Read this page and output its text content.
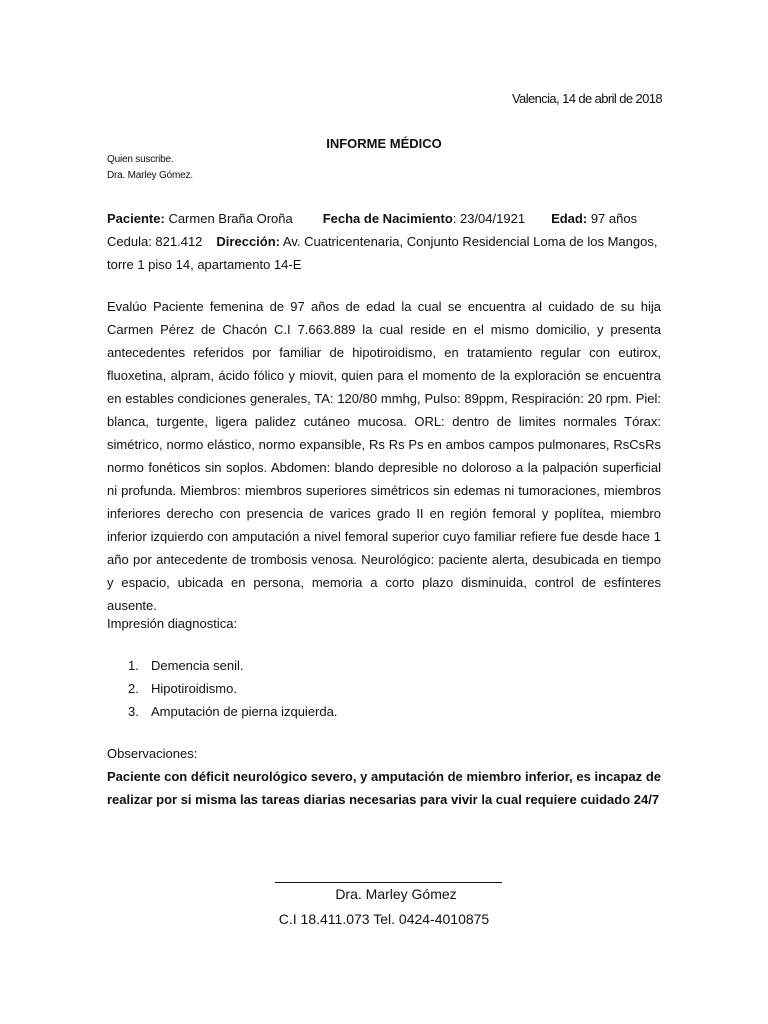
Valencia, 14 de abril de 2018
INFORME MÉDICO
Quien suscribe.
Dra. Marley Gómez.
Paciente: Carmen Braña Oroña Fecha de Nacimiento: 23/04/1921 Edad: 97 años
Cedula: 821.412 Dirección: Av. Cuatricentenaria, Conjunto Residencial Loma de los Mangos, torre 1 piso 14, apartamento 14-E
Evalúo Paciente femenina de 97 años de edad la cual se encuentra al cuidado de su hija Carmen Pérez de Chacón C.I 7.663.889 la cual reside en el mismo domicilio, y presenta antecedentes referidos por familiar de hipotiroidismo, en tratamiento regular con eutirox, fluoxetina, alpram, ácido fólico y miovit, quien para el momento de la exploración se encuentra en estables condiciones generales, TA: 120/80 mmhg, Pulso: 89ppm, Respiración: 20 rpm. Piel: blanca, turgente, ligera palidez cutáneo mucosa. ORL: dentro de limites normales Tórax: simétrico, normo elástico, normo expansible, Rs Rs Ps en ambos campos pulmonares, RsCsRs normo fonéticos sin soplos. Abdomen: blando depresible no doloroso a la palpación superficial ni profunda. Miembros: miembros superiores simétricos sin edemas ni tumoraciones, miembros inferiores derecho con presencia de varices grado II en región femoral y poplítea, miembro inferior izquierdo con amputación a nivel femoral superior cuyo familiar refiere fue desde hace 1 año por antecedente de trombosis venosa. Neurológico: paciente alerta, desubicada en tiempo y espacio, ubicada en persona, memoria a corto plazo disminuida, control de esfínteres ausente.
Impresión diagnostica:
1. Demencia senil.
2. Hipotiroidismo.
3. Amputación de pierna izquierda.
Observaciones:
Paciente con déficit neurológico severo, y amputación de miembro inferior, es incapaz de realizar por si misma las tareas diarias necesarias para vivir la cual requiere cuidado 24/7
Dra. Marley Gómez
C.I 18.411.073 Tel. 0424-4010875
